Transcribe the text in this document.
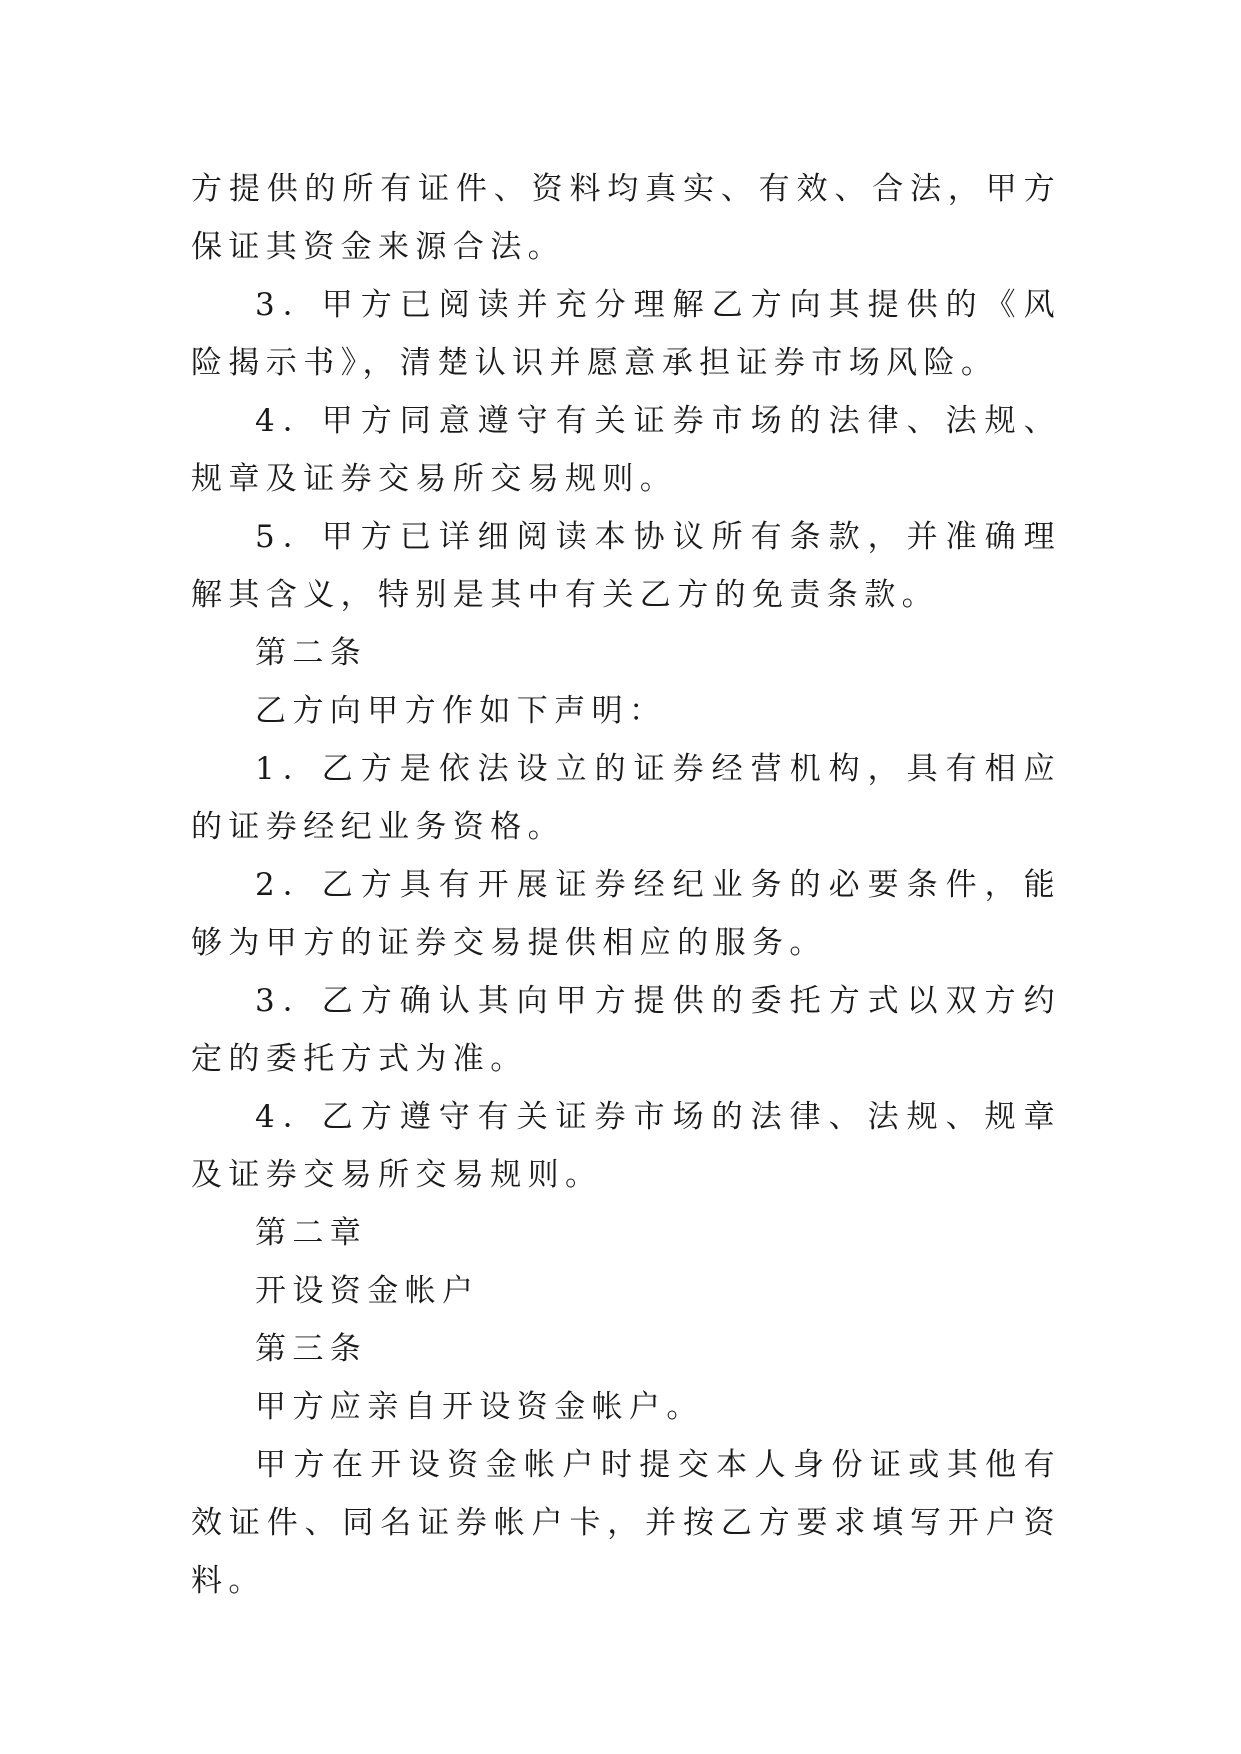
方提供的所有证件、资料均真实、有效、合法，甲方保证其资金来源合法。

3．甲方已阅读并充分理解乙方向其提供的《风险揭示书》，清楚认识并愿意承担证券市场风险。

4．甲方同意遵守有关证券市场的法律、法规、规章及证券交易所交易规则。

5．甲方已详细阅读本协议所有条款，并准确理解其含义，特别是其中有关乙方的免责条款。

第二条

乙方向甲方作如下声明：

1．乙方是依法设立的证券经营机构，具有相应的证券经纪业务资格。

2．乙方具有开展证券经纪业务的必要条件，能够为甲方的证券交易提供相应的服务。

3．乙方确认其向甲方提供的委托方式以双方约定的委托方式为准。

4．乙方遵守有关证券市场的法律、法规、规章及证券交易所交易规则。

第二章

开设资金帐户

第三条

甲方应亲自开设资金帐户。

甲方在开设资金帐户时提交本人身份证或其他有效证件、同名证券帐户卡，并按乙方要求填写开户资料。
